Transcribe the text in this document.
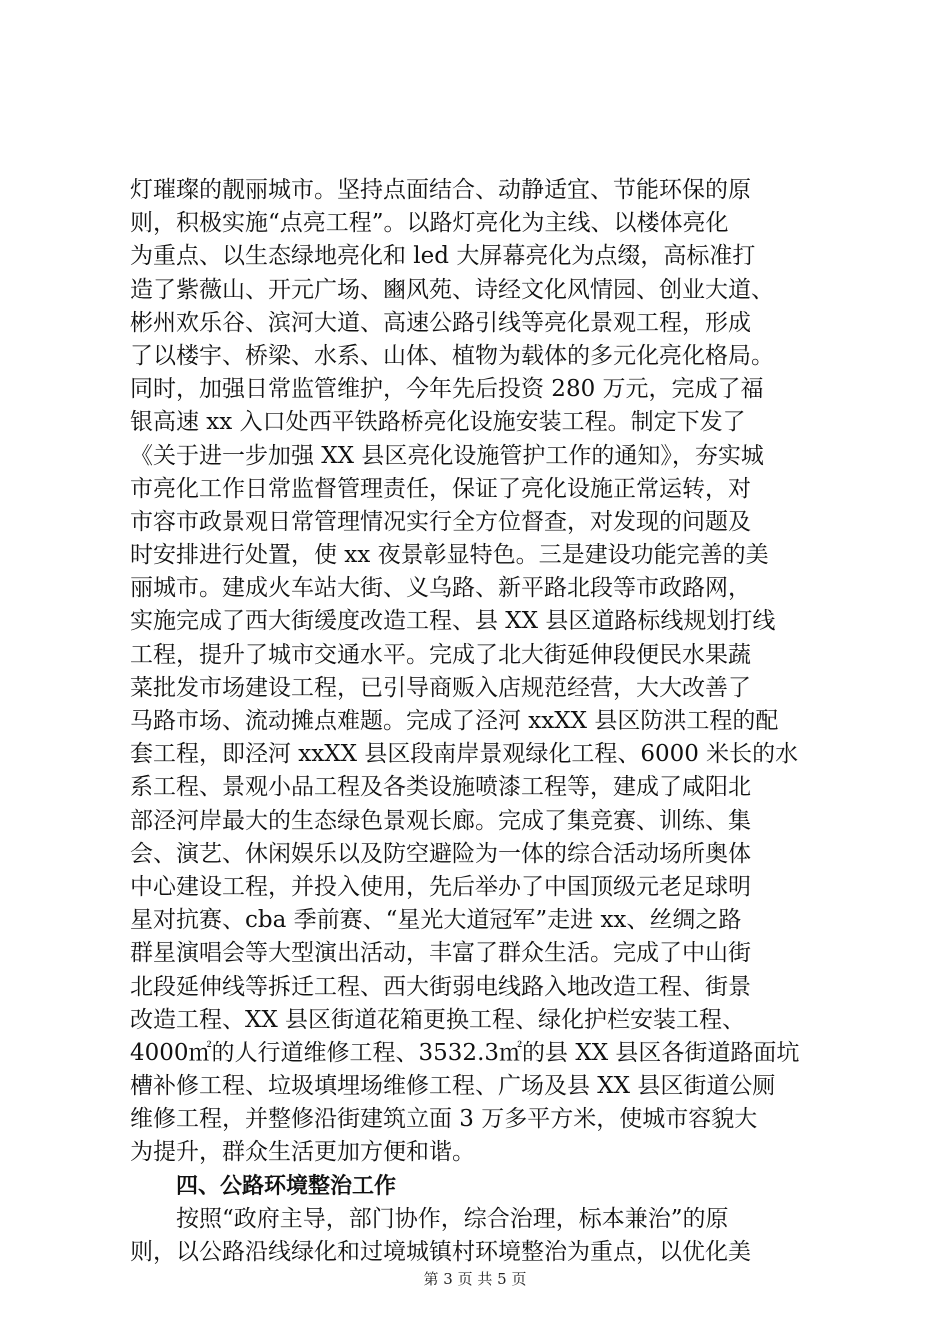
灯璀璨的靓丽城市。坚持点面结合、动静适宜、节能环保的原
则，积极实施“点亮工程”。以路灯亮化为主线、以楼体亮化
为重点、以生态绿地亮化和 led 大屏幕亮化为点缀，高标准打
造了紫薇山、开元广场、豳风苑、诗经文化风情园、创业大道、
彬州欢乐谷、滨河大道、高速公路引线等亮化景观工程，形成
了以楼宇、桥梁、水系、山体、植物为载体的多元化亮化格局。
同时，加强日常监管维护，今年先后投资 280 万元，完成了福
银高速 xx 入口处西平铁路桥亮化设施安装工程。制定下发了
《关于进一步加强 XX 县区亮化设施管护工作的通知》，夯实城
市亮化工作日常监督管理责任，保证了亮化设施正常运转，对
市容市政景观日常管理情况实行全方位督查，对发现的问题及
时安排进行处置，使 xx 夜景彰显特色。三是建设功能完善的美
丽城市。建成火车站大街、义乌路、新平路北段等市政路网，
实施完成了西大街缓度改造工程、县 XX 县区道路标线规划打线
工程，提升了城市交通水平。完成了北大街延伸段便民水果蔬
菜批发市场建设工程，已引导商贩入店规范经营，大大改善了
马路市场、流动摊点难题。完成了泾河 xxXX 县区防洪工程的配
套工程，即泾河 xxXX 县区段南岸景观绿化工程、6000 米长的水
系工程、景观小品工程及各类设施喷漆工程等，建成了咸阳北
部泾河岸最大的生态绿色景观长廊。完成了集竞赛、训练、集
会、演艺、休闲娱乐以及防空避险为一体的综合活动场所奥体
中心建设工程，并投入使用，先后举办了中国顶级元老足球明
星对抗赛、cba 季前赛、“星光大道冠军”走进 xx、丝绸之路
群星演唱会等大型演出活动，丰富了群众生活。完成了中山街
北段延伸线等拆迁工程、西大街弱电线路入地改造工程、街景
改造工程、XX 县区街道花箱更换工程、绿化护栏安装工程、
4000㎡的人行道维修工程、3532.3㎡的县 XX 县区各街道路面坑
槽补修工程、垃圾填埋场维修工程、广场及县 XX 县区街道公厕
维修工程，并整修沿街建筑立面 3 万多平方米，使城市容貌大
为提升，群众生活更加方便和谐。
四、公路环境整治工作
按照“政府主导，部门协作，综合治理，标本兼治”的原
则，以公路沿线绿化和过境城镇村环境整治为重点，以优化美
第 3 页 共 5 页
